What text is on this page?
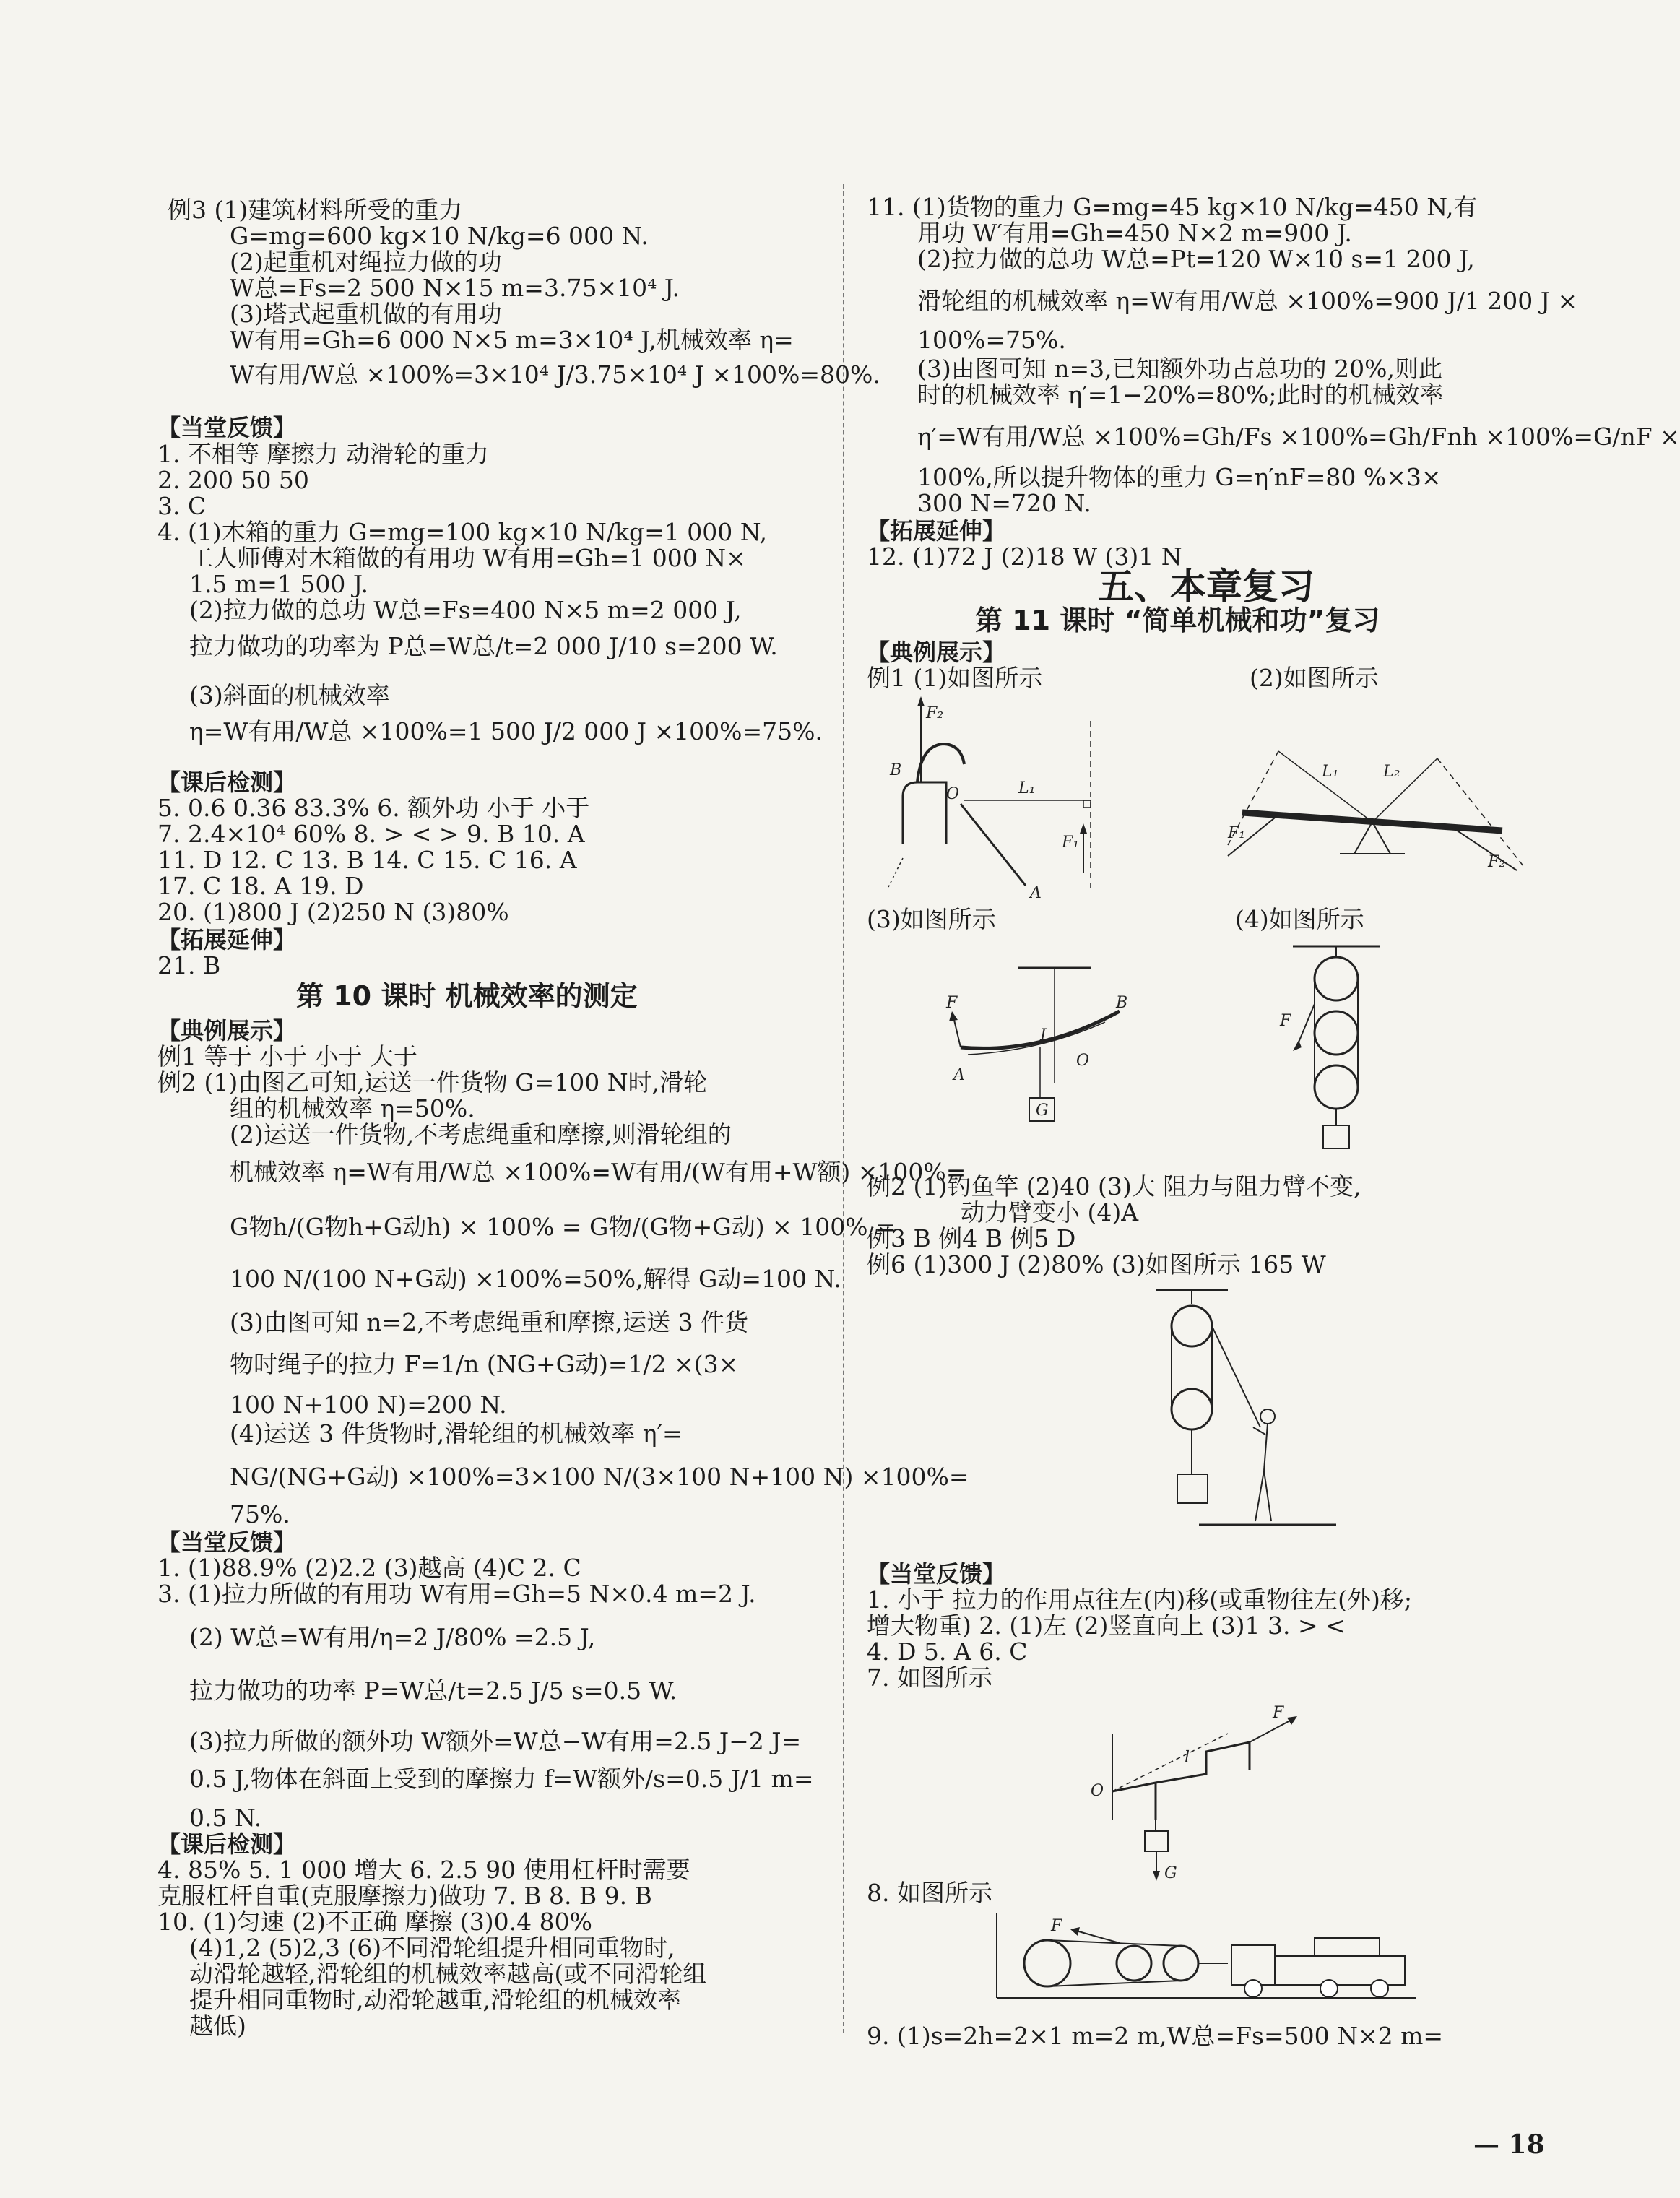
例3 (1)建筑材料所受的重力
G=mg=600 kg×10 N/kg=6 000 N.
(2)起重机对绳拉力做的功
W总=Fs=2 500 N×15 m=3.75×10⁴ J.
(3)塔式起重机做的有用功
W有用=Gh=6 000 N×5 m=3×10⁴ J,机械效率 η=
W有用/W总 ×100%=3×10⁴ J/3.75×10⁴ J ×100%=80%.
【当堂反馈】
1. 不相等 摩擦力 动滑轮的重力
2. 200 50 50
3. C
4. (1)木箱的重力 G=mg=100 kg×10 N/kg=1 000 N,
工人师傅对木箱做的有用功 W有用=Gh=1 000 N×
1.5 m=1 500 J.
(2)拉力做的总功 W总=Fs=400 N×5 m=2 000 J,
拉力做功的功率为 P总=W总/t=2 000 J/10 s=200 W.
(3)斜面的机械效率
η=W有用/W总 ×100%=1 500 J/2 000 J ×100%=75%.
【课后检测】
5. 0.6 0.36 83.3% 6. 额外功 小于 小于
7. 2.4×10⁴ 60% 8. > < > 9. B 10. A
11. D 12. C 13. B 14. C 15. C 16. A
17. C 18. A 19. D
20. (1)800 J (2)250 N (3)80%
【拓展延伸】
21. B
第 10 课时 机械效率的测定
【典例展示】
例1 等于 小于 小于 大于
例2 (1)由图乙可知,运送一件货物 G=100 N时,滑轮
组的机械效率 η=50%.
(2)运送一件货物,不考虑绳重和摩擦,则滑轮组的
机械效率 η=W有用/W总 ×100%=W有用/(W有用+W额) ×100%=
G物h/(G物h+G动h) × 100% = G物/(G物+G动) × 100% =
100 N/(100 N+G动) ×100%=50%,解得 G动=100 N.
(3)由图可知 n=2,不考虑绳重和摩擦,运送 3 件货
物时绳子的拉力 F=1/n (NG+G动)=1/2 ×(3×
100 N+100 N)=200 N.
(4)运送 3 件货物时,滑轮组的机械效率 η′=
NG/(NG+G动) ×100%=3×100 N/(3×100 N+100 N) ×100%=
75%.
【当堂反馈】
1. (1)88.9% (2)2.2 (3)越高 (4)C 2. C
3. (1)拉力所做的有用功 W有用=Gh=5 N×0.4 m=2 J.
(2) W总=W有用/η=2 J/80% =2.5 J,
拉力做功的功率 P=W总/t=2.5 J/5 s=0.5 W.
(3)拉力所做的额外功 W额外=W总−W有用=2.5 J−2 J=
0.5 J,物体在斜面上受到的摩擦力 f=W额外/s=0.5 J/1 m=
0.5 N.
【课后检测】
4. 85% 5. 1 000 增大 6. 2.5 90 使用杠杆时需要
克服杠杆自重(克服摩擦力)做功 7. B 8. B 9. B
10. (1)匀速 (2)不正确 摩擦 (3)0.4 80%
(4)1,2 (5)2,3 (6)不同滑轮组提升相同重物时,
动滑轮越轻,滑轮组的机械效率越高(或不同滑轮组
提升相同重物时,动滑轮越重,滑轮组的机械效率
越低)
11. (1)货物的重力 G=mg=45 kg×10 N/kg=450 N,有
用功 W′有用=Gh=450 N×2 m=900 J.
(2)拉力做的总功 W总=Pt=120 W×10 s=1 200 J,
滑轮组的机械效率 η=W有用/W总 ×100%=900 J/1 200 J ×
100%=75%.
(3)由图可知 n=3,已知额外功占总功的 20%,则此
时的机械效率 η′=1−20%=80%;此时的机械效率
η′=W有用/W总 ×100%=Gh/Fs ×100%=Gh/Fnh ×100%=G/nF ×
100%,所以提升物体的重力 G=η′nF=80 %×3×
300 N=720 N.
【拓展延伸】
12. (1)72 J (2)18 W (3)1 N
五、本章复习
第 11 课时 “简单机械和功”复习
【典例展示】
例1 (1)如图所示	(2)如图所示
F₂
B
O	L₁
F₁
A
L₁	L₂
F₁
F₂
(3)如图所示	(4)如图所示
F
L
B
O
A
G
F
例2 (1)钓鱼竿 (2)40 (3)大 阻力与阻力臂不变,
动力臂变小 (4)A
例3 B 例4 B 例5 D
例6 (1)300 J (2)80% (3)如图所示 165 W
【当堂反馈】
1. 小于 拉力的作用点往左(内)移(或重物往左(外)移;
增大物重) 2. (1)左 (2)竖直向上 (3)1 3. > <
4. D 5. A 6. C
7. 如图所示
F
l
O
G
8. 如图所示
F
9. (1)s=2h=2×1 m=2 m,W总=Fs=500 N×2 m=
— 18
